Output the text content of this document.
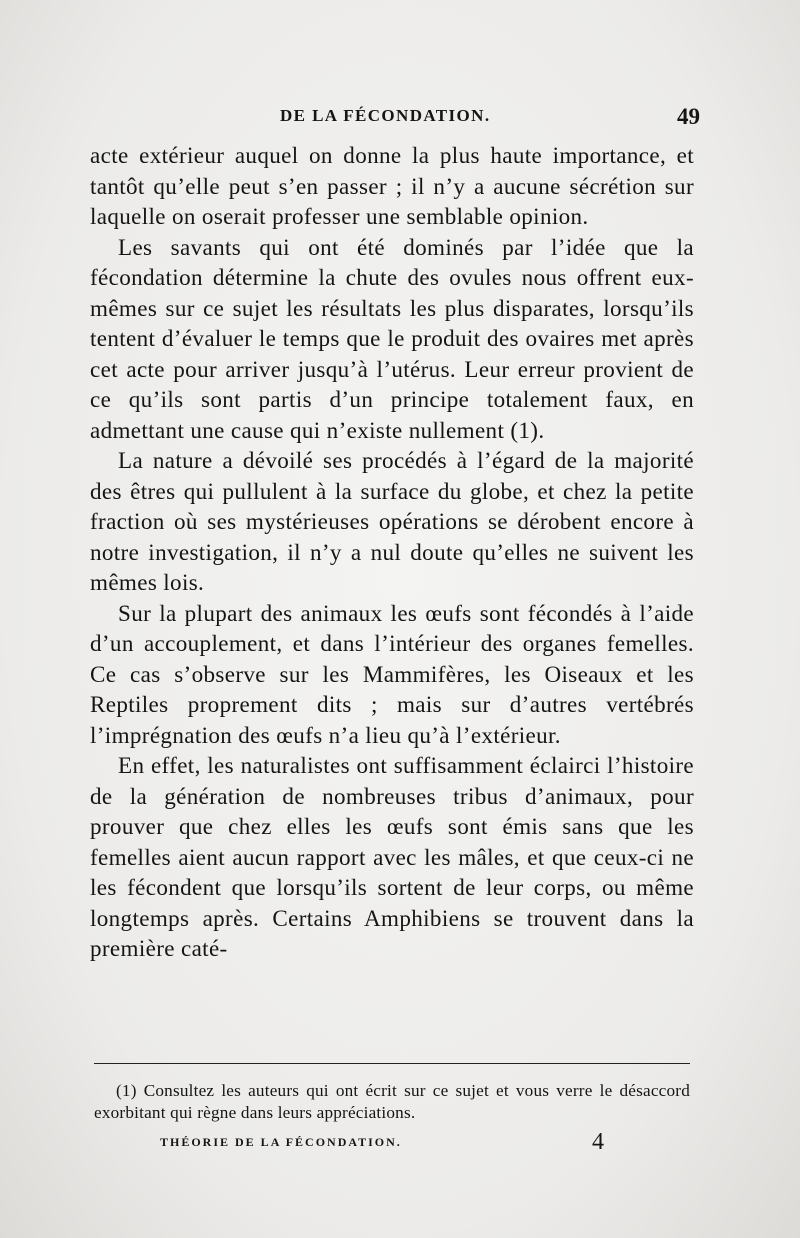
DE LA FÉCONDATION.	49

acte extérieur auquel on donne la plus haute importance, et tantôt qu’elle peut s’en passer ; il n’y a aucune sécrétion sur laquelle on oserait professer une semblable opinion.

Les savants qui ont été dominés par l’idée que la fécondation détermine la chute des ovules nous offrent eux-mêmes sur ce sujet les résultats les plus disparates, lorsqu’ils tentent d’évaluer le temps que le produit des ovaires met après cet acte pour arriver jusqu’à l’utérus. Leur erreur provient de ce qu’ils sont partis d’un principe totalement faux, en admettant une cause qui n’existe nullement (1).

La nature a dévoilé ses procédés à l’égard de la majorité des êtres qui pullulent à la surface du globe, et chez la petite fraction où ses mystérieuses opérations se dérobent encore à notre investigation, il n’y a nul doute qu’elles ne suivent les mêmes lois.

Sur la plupart des animaux les œufs sont fécondés à l’aide d’un accouplement, et dans l’intérieur des organes femelles. Ce cas s’observe sur les Mammifères, les Oiseaux et les Reptiles proprement dits ; mais sur d’autres vertébrés l’imprégnation des œufs n’a lieu qu’à l’extérieur.

En effet, les naturalistes ont suffisamment éclairci l’histoire de la génération de nombreuses tribus d’animaux, pour prouver que chez elles les œufs sont émis sans que les femelles aient aucun rapport avec les mâles, et que ceux-ci ne les fécondent que lorsqu’ils sortent de leur corps, ou même longtemps après. Certains Amphibiens se trouvent dans la première caté-

(1) Consultez les auteurs qui ont écrit sur ce sujet et vous verre le désaccord exorbitant qui règne dans leurs appréciations.

THÉORIE DE LA FÉCONDATION.	4
